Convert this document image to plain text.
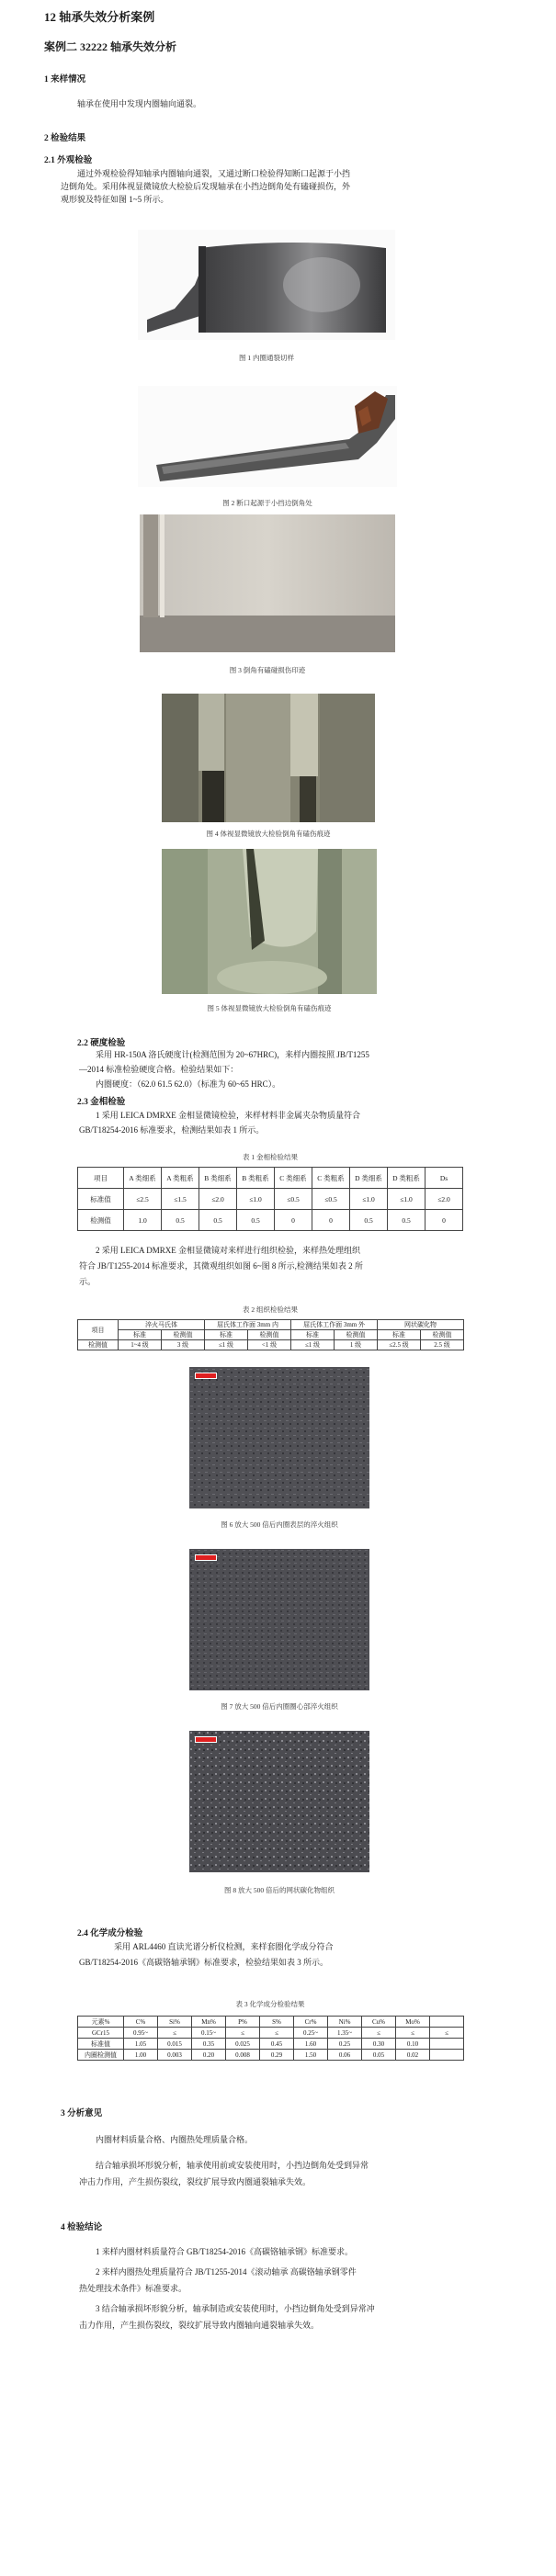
12 轴承失效分析案例
案例二 32222 轴承失效分析
1 来样情况
轴承在使用中发现内圈轴向通裂。
2 检验结果
2.1 外观检验
通过外观检验得知轴承内圈轴向通裂，又通过断口检验得知断口起源于小挡
边倒角处。采用体视显微镜放大检验后发现轴承在小挡边倒角处有磕碰损伤，外
观形貌及特征如图 1~5 所示。
图 1 内圈通裂切样
图 2 断口起源于小挡边倒角处
图 3 倒角有磕碰损伤印迹
图 4 体视显微镜放大检验倒角有磕伤痕迹
图 5 体视显微镜放大检验倒角有磕伤痕迹
2.2 硬度检验
采用 HR-150A 洛氏硬度计(检测范围为 20~67HRC)，来样内圈按照 JB/T1255
—2014 标准检验硬度合格。检验结果如下：
内圈硬度：（62.0 61.5 62.0）（标准为 60~65 HRC）。
2.3 金相检验
1 采用 LEICA DMRXE 金相显微镜检验，来样材料非金属夹杂物质量符合
GB/T18254-2016 标准要求，检测结果如表 1 所示。
表 1 金相检验结果
项目	A 类细系	A 类粗系	B 类细系	B 类粗系	C 类细系	C 类粗系	D 类细系	D 类粗系	Ds
标准值	≤2.5	≤1.5	≤2.0	≤1.0	≤0.5	≤0.5	≤1.0	≤1.0	≤2.0
检测值	1.0	0.5	0.5	0.5	0	0	0.5	0.5	0
2 采用 LEICA DMRXE 金相显微镜对来样进行组织检验，来样热处理组织
符合 JB/T1255-2014 标准要求，其微观组织如图 6~图 8 所示,检测结果如表 2 所
示。
表 2 组织检验结果
项目	淬火马氏体		屈氏体工作面 3mm 内		屈氏体工作面 3mm 外		网状碳化物	
	标准	检测值	标准	检测值	标准	检测值	标准	检测值
检测值	1~4 级	3 级	≤1 级	<1 级	≤1 级	1 级	≤2.5 级	2.5 级
图 6 放大 500 倍后内圈表层的淬火组织
图 7 放大 500 倍后内圈圈心部淬火组织
图 8 放大 500 倍后的网状碳化物组织
2.4 化学成分检验
采用 ARL4460 直读光谱分析仪检测，来样套圈化学成分符合
GB/T18254-2016《高碳铬轴承钢》标准要求，检验结果如表 3 所示。
表 3 化学成分检验结果
元素%	C%	Si%	Mn%	P%	S%	Cr%	Ni%	Cu%	Mo%	
GCr15	0.95~	≤	0.15~	≤	≤	0.25~	1.35~	≤	≤	≤
标准值	1.05	0.015	0.35	0.025	0.45	1.60	0.25	0.30	0.10	
内圈检测值	1.00	0.003	0.20	0.008	0.29	1.50	0.06	0.05	0.02	
3 分析意见
内圈材料质量合格、内圈热处理质量合格。
结合轴承损坏形貌分析，轴承使用前或安装使用时，小挡边倒角处受到异常
冲击力作用，产生损伤裂纹，裂纹扩展导致内圈通裂轴承失效。
4 检验结论
1 来样内圈材料质量符合 GB/T18254-2016《高碳铬轴承钢》标准要求。
2 来样内圈热处理质量符合 JB/T1255-2014《滚动轴承 高碳铬轴承钢零件
热处理技术条件》标准要求。
3 结合轴承损坏形貌分析，轴承制造或安装使用时，小挡边倒角处受到异常冲
击力作用，产生损伤裂纹，裂纹扩展导致内圈轴向通裂轴承失效。
